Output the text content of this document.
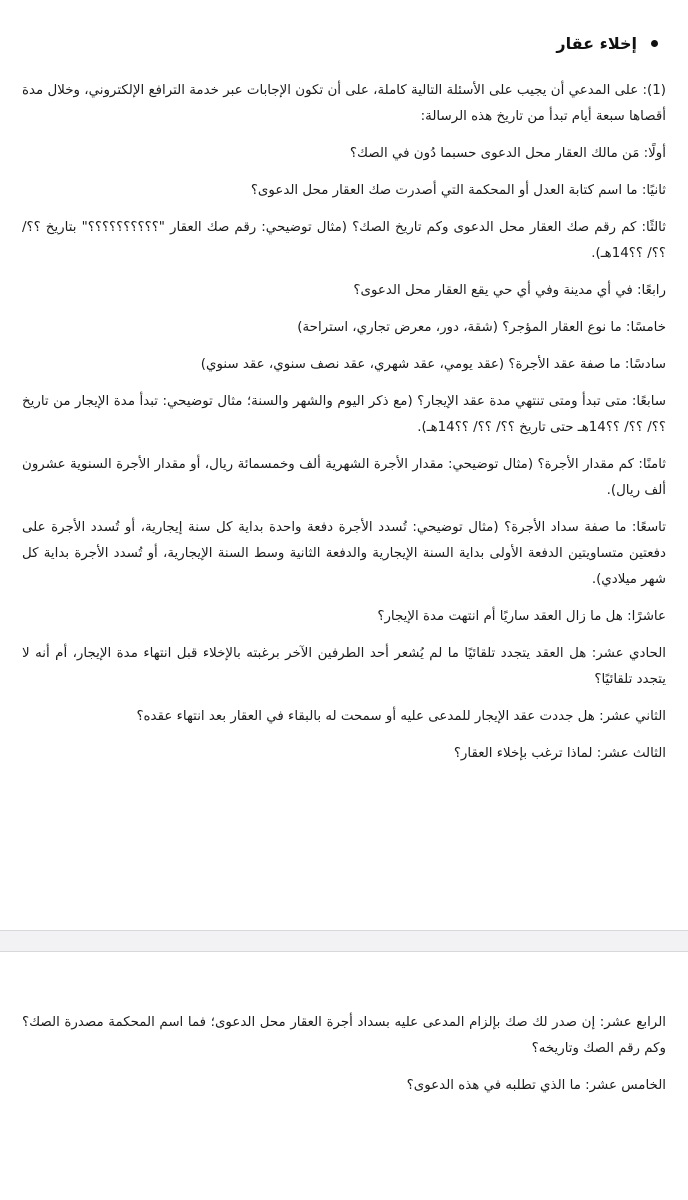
إخلاء عقار

(1): على المدعي أن يجيب على الأسئلة التالية كاملة، على أن تكون الإجابات عبر خدمة الترافع الإلكتروني، وخلال مدة أقصاها سبعة أيام تبدأ من تاريخ هذه الرسالة:

أولًا: مَن مالك العقار محل الدعوى حسبما دُون في الصك؟

ثانيًا: ما اسم كتابة العدل أو المحكمة التي أصدرت صك العقار محل الدعوى؟

ثالثًا: كم رقم صك العقار محل الدعوى وكم تاريخ الصك؟ (مثال توضيحي: رقم صك العقار "؟؟؟؟؟؟؟؟؟؟" بتاريخ ؟؟/ ؟؟/ ؟؟14هـ).

رابعًا: في أي مدينة وفي أي حي يقع العقار محل الدعوى؟

خامسًا: ما نوع العقار المؤجر؟ (شقة، دور، معرض تجاري، استراحة)

سادسًا: ما صفة عقد الأجرة؟ (عقد يومي، عقد شهري، عقد نصف سنوي، عقد سنوي)

سابعًا: متى تبدأ ومتى تنتهي مدة عقد الإيجار؟ (مع ذكر اليوم والشهر والسنة؛ مثال توضيحي: تبدأ مدة الإيجار من تاريخ ؟؟/ ؟؟/ ؟؟14هـ حتى تاريخ ؟؟/ ؟؟/ ؟؟14هـ).

ثامنًا: كم مقدار الأجرة؟ (مثال توضيحي: مقدار الأجرة الشهرية ألف وخمسمائة ريال، أو مقدار الأجرة السنوية عشرون ألف ريال).

تاسعًا: ما صفة سداد الأجرة؟ (مثال توضيحي: تُسدد الأجرة دفعة واحدة بداية كل سنة إيجارية، أو تُسدد الأجرة على دفعتين متساويتين الدفعة الأولى بداية السنة الإيجارية والدفعة الثانية وسط السنة الإيجارية، أو تُسدد الأجرة بداية كل شهر ميلادي).

عاشرًا: هل ما زال العقد ساريًا أم انتهت مدة الإيجار؟

الحادي عشر: هل العقد يتجدد تلقائيًا ما لم يُشعر أحد الطرفين الآخر برغبته بالإخلاء قبل انتهاء مدة الإيجار، أم أنه لا يتجدد تلقائيًا؟

الثاني عشر: هل جددت عقد الإيجار للمدعى عليه أو سمحت له بالبقاء في العقار بعد انتهاء عقده؟

الثالث عشر: لماذا ترغب بإخلاء العقار؟

الرابع عشر: إن صدر لك صك بإلزام المدعى عليه بسداد أجرة العقار محل الدعوى؛ فما اسم المحكمة مصدرة الصك؟ وكم رقم الصك وتاريخه؟

الخامس عشر: ما الذي تطلبه في هذه الدعوى؟
